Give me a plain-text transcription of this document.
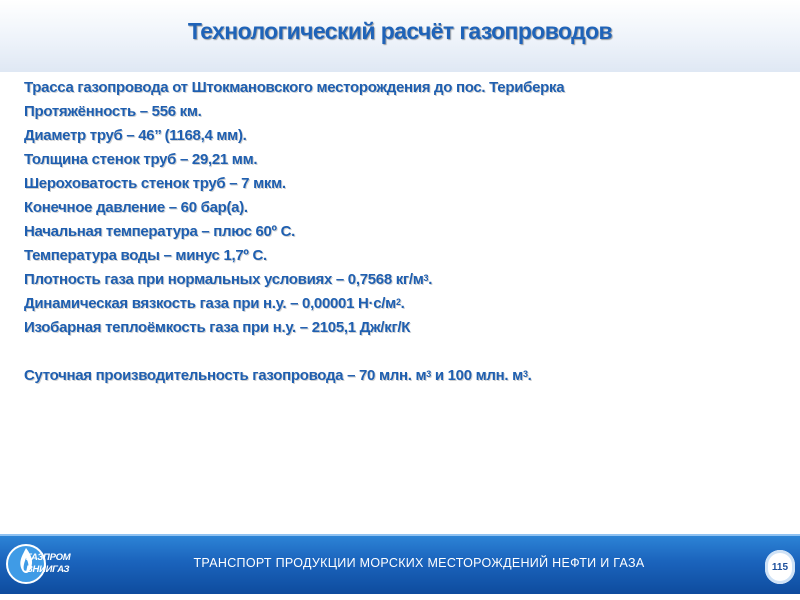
Технологический расчёт газопроводов
Трасса газопровода от Штокмановского месторождения до пос. Териберка
Протяжённость – 556 км.
Диаметр труб – 46’’ (1168,4 мм).
Толщина стенок труб – 29,21 мм.
Шероховатость стенок труб – 7 мкм.
Конечное давление – 60 бар(а).
Начальная температура – плюс 60º С.
Температура воды – минус 1,7º С.
Плотность газа при нормальных условиях – 0,7568 $кг/м^3$.
Динамическая вязкость газа при н.у. – 0,00001 $Н\cdot с/м^2$.
Изобарная теплоёмкость газа при н.у. – 2105,1 Дж/кг/К
Суточная производительность газопровода – 70 млн. $м^3$ и 100 млн. $м^3$.
ГАЗПРОМ
ВНИИГАЗ	ТРАНСПОРТ ПРОДУКЦИИ МОРСКИХ МЕСТОРОЖДЕНИЙ НЕФТИ И ГАЗА	115
